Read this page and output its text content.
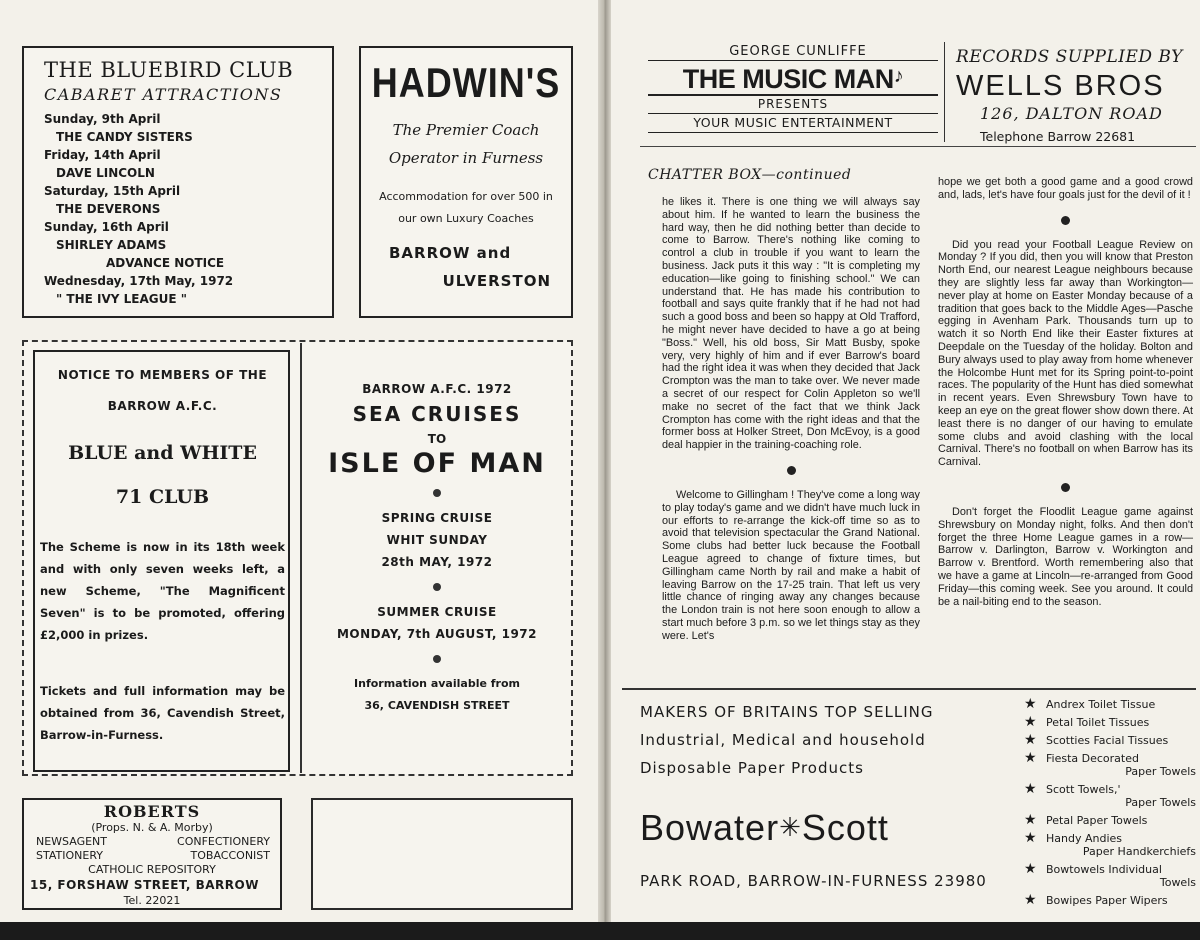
THE BLUEBIRD CLUB
CABARET ATTRACTIONS
Sunday, 9th April
THE CANDY SISTERS
Friday, 14th April
DAVE LINCOLN
Saturday, 15th April
THE DEVERONS
Sunday, 16th April
SHIRLEY ADAMS
ADVANCE NOTICE
Wednesday, 17th May, 1972
" THE IVY LEAGUE "
HADWIN'S
The Premier Coach
Operator in Furness
Accommodation for over 500 in
our own Luxury Coaches
BARROW and
ULVERSTON
NOTICE TO MEMBERS OF THE
BARROW A.F.C.
BLUE and WHITE
71 CLUB
The Scheme is now in its 18th week and with only seven weeks left, a new Scheme, "The Magnificent Seven" is to be promoted, offering £2,000 in prizes.
Tickets and full information may be obtained from 36, Cavendish Street, Barrow-in-Furness.
BARROW A.F.C. 1972
SEA CRUISES
TO
ISLE OF MAN
SPRING CRUISE
WHIT SUNDAY
28th MAY, 1972
SUMMER CRUISE
MONDAY, 7th AUGUST, 1972
Information available from
36, CAVENDISH STREET
ROBERTS
(Props. N. & A. Morby)
NEWSAGENT	CONFECTIONERY
STATIONERY	TOBACCONIST
CATHOLIC REPOSITORY
15, FORSHAW STREET, BARROW
Tel. 22021
GEORGE CUNLIFFE
THE MUSIC MAN♪
PRESENTS
YOUR MUSIC ENTERTAINMENT
RECORDS SUPPLIED BY
WELLS BROS
126, DALTON ROAD
Telephone Barrow 22681
CHATTER BOX—continued

he likes it. There is one thing we will always say about him. If he wanted to learn the business the hard way, then he did nothing better than decide to come to Barrow. There's nothing like coming to control a club in trouble if you want to learn the business. Jack puts it this way : "It is completing my education—like going to finishing school." We can understand that. He has made his contribution to football and says quite frankly that if he had not had such a good boss and been so happy at Old Trafford, he might never have decided to have a go at being "Boss." Well, his old boss, Sir Matt Busby, spoke very, very highly of him and if ever Barrow's board had the right idea it was when they decided that Jack Crompton was the man to take over. We never made a secret of our respect for Colin Appleton so we'll make no secret of the fact that we think Jack Crompton has come with the right ideas and that the former boss at Holker Street, Don McEvoy, is a good deal happier in the training-coaching role.

Welcome to Gillingham ! They've come a long way to play today's game and we didn't have much luck in our efforts to re-arrange the kick-off time so as to avoid that television spectacular the Grand National. Some clubs had better luck because the Football League agreed to change of fixture times, but Gillingham came North by rail and make a habit of leaving Barrow on the 17-25 train. That left us very little chance of ringing away any changes because the London train is not here soon enough to allow a start much before 3 p.m. so we let things stay as they were. Let's

hope we get both a good game and a good crowd and, lads, let's have four goals just for the devil of it !

Did you read your Football League Review on Monday ? If you did, then you will know that Preston North End, our nearest League neighbours because they are slightly less far away than Workington—never play at home on Easter Monday because of a tradition that goes back to the Middle Ages—Pasche egging in Avenham Park. Thousands turn up to watch it so North End like their Easter fixtures at Deepdale on the Tuesday of the holiday. Bolton and Bury always used to play away from home whenever the Holcombe Hunt met for its Spring point-to-point races. The popularity of the Hunt has died somewhat in recent years. Even Shrewsbury Town have to keep an eye on the great flower show down there. At least there is no danger of our having to emulate some clubs and avoid clashing with the local Carnival. There's no football on when Barrow has its Carnival.

Don't forget the Floodlit League game against Shrewsbury on Monday night, folks. And then don't forget the three Home League games in a row—Barrow v. Darlington, Barrow v. Workington and Barrow v. Brentford. Worth remembering also that we have a game at Lincoln—re-arranged from Good Friday—this coming week. See you around. It could be a nail-biting end to the season.

MAKERS OF BRITAINS TOP SELLING
Industrial, Medical and household
Disposable Paper Products
Bowater✳Scott
PARK ROAD, BARROW-IN-FURNESS 23980
★ Andrex Toilet Tissue
★ Petal Toilet Tissues
★ Scotties Facial Tissues
★ Fiesta Decorated

Paper Towels
★ Scott Towels,'

Paper Towels
★ Petal Paper Towels
★ Handy Andies

Paper Handkerchiefs
★ Bowtowels Individual

Towels
★ Bowipes Paper Wipers
